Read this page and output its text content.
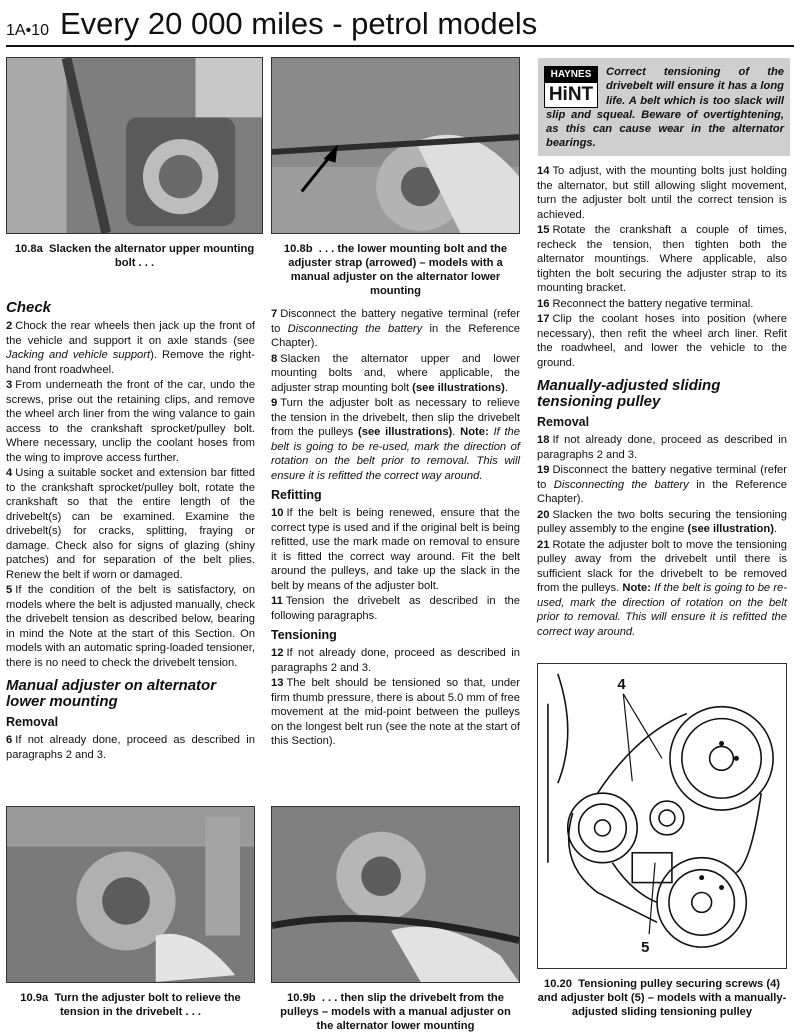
1A•10 Every 20 000 miles - petrol models
10.8a Slacken the alternator upper mounting bolt . . .
10.8b . . . the lower mounting bolt and the adjuster strap (arrowed) – models with a manual adjuster on the alternator lower mounting
HAYNES
HiNT
Correct tensioning of the drivebelt will ensure it has a long life. A belt which is too slack will slip and squeal. Beware of overtightening, as this can cause wear in the alternator bearings.
Check

2 Chock the rear wheels then jack up the front of the vehicle and support it on axle stands (see Jacking and vehicle support). Remove the right-hand front roadwheel.

3 From underneath the front of the car, undo the screws, prise out the retaining clips, and remove the wheel arch liner from the wing valance to gain access to the crankshaft sprocket/pulley bolt. Where necessary, unclip the coolant hoses from the wing to improve access further.

4 Using a suitable socket and extension bar fitted to the crankshaft sprocket/pulley bolt, rotate the crankshaft so that the entire length of the drivebelt(s) can be examined. Examine the drivebelt(s) for cracks, splitting, fraying or damage. Check also for signs of glazing (shiny patches) and for separation of the belt plies. Renew the belt if worn or damaged.

5 If the condition of the belt is satisfactory, on models where the belt is adjusted manually, check the drivebelt tension as described below, bearing in mind the Note at the start of this Section. On models with an automatic spring-loaded tensioner, there is no need to check the drivebelt tension.

Manual adjuster on alternator lower mounting
Removal

6 If not already done, proceed as described in paragraphs 2 and 3.

7 Disconnect the battery negative terminal (refer to Disconnecting the battery in the Reference Chapter).

8 Slacken the alternator upper and lower mounting bolts and, where applicable, the adjuster strap mounting bolt (see illustrations).

9 Turn the adjuster bolt as necessary to relieve the tension in the drivebelt, then slip the drivebelt from the pulleys (see illustrations). Note: If the belt is going to be re-used, mark the direction of rotation on the belt prior to removal. This will ensure it is refitted the correct way around.

Refitting

10 If the belt is being renewed, ensure that the correct type is used and if the original belt is being refitted, use the mark made on removal to ensure it is fitted the correct way around. Fit the belt around the pulleys, and take up the slack in the belt by means of the adjuster bolt.

11 Tension the drivebelt as described in the following paragraphs.

Tensioning

12 If not already done, proceed as described in paragraphs 2 and 3.

13 The belt should be tensioned so that, under firm thumb pressure, there is about 5.0 mm of free movement at the mid-point between the pulleys on the longest belt run (see the note at the start of this Section).

14 To adjust, with the mounting bolts just holding the alternator, but still allowing slight movement, turn the adjuster bolt until the correct tension is achieved.

15 Rotate the crankshaft a couple of times, recheck the tension, then tighten both the alternator mountings. Where applicable, also tighten the bolt securing the adjuster strap to its mounting bracket.

16 Reconnect the battery negative terminal.

17 Clip the coolant hoses into position (where necessary), then refit the wheel arch liner. Refit the roadwheel, and lower the vehicle to the ground.

Manually-adjusted sliding tensioning pulley
Removal

18 If not already done, proceed as described in paragraphs 2 and 3.

19 Disconnect the battery negative terminal (refer to Disconnecting the battery in the Reference Chapter).

20 Slacken the two bolts securing the tensioning pulley assembly to the engine (see illustration).

21 Rotate the adjuster bolt to move the tensioning pulley away from the drivebelt until there is sufficient slack for the drivebelt to be removed from the pulleys. Note: If the belt is going to be re-used, mark the direction of rotation on the belt prior to removal. This will ensure it is refitted the correct way around.

4
5
10.20 Tensioning pulley securing screws (4) and adjuster bolt (5) – models with a manually-adjusted sliding tensioning pulley
10.9a Turn the adjuster bolt to relieve the tension in the drivebelt . . .
10.9b . . . then slip the drivebelt from the pulleys – models with a manual adjuster on the alternator lower mounting
